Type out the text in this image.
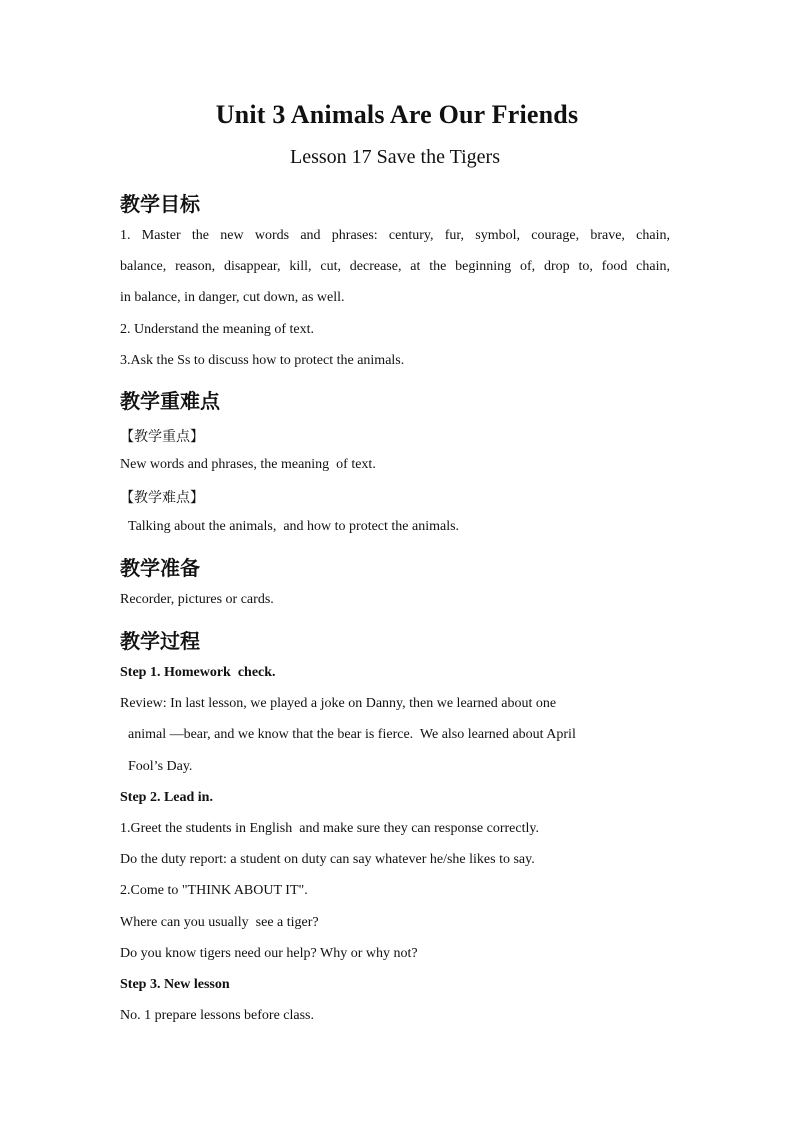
Unit 3 Animals Are Our Friends
Lesson 17 Save the Tigers
教学目标
1. Master the new words and phrases: century, fur, symbol, courage, brave, chain,
balance, reason, disappear, kill, cut, decrease, at the beginning of, drop to, food chain,
in balance, in danger, cut down, as well.
2. Understand the meaning of text.
3.Ask the Ss to discuss how to protect the animals.
教学重难点
【教学重点】
New words and phrases, the meaning  of text.
【教学难点】
Talking about the animals,  and how to protect the animals.
教学准备
Recorder, pictures or cards.
教学过程
Step 1. Homework  check.
Review: In last lesson, we played a joke on Danny, then we learned about one
animal —bear, and we know that the bear is fierce.  We also learned about April
Fool’s Day.
Step 2. Lead in.
1.Greet the students in English  and make sure they can response correctly.
Do the duty report: a student on duty can say whatever he/she likes to say.
2.Come to "THINK ABOUT IT".
Where can you usually  see a tiger?
Do you know tigers need our help? Why or why not?
Step 3. New lesson
No. 1 prepare lessons before class.
